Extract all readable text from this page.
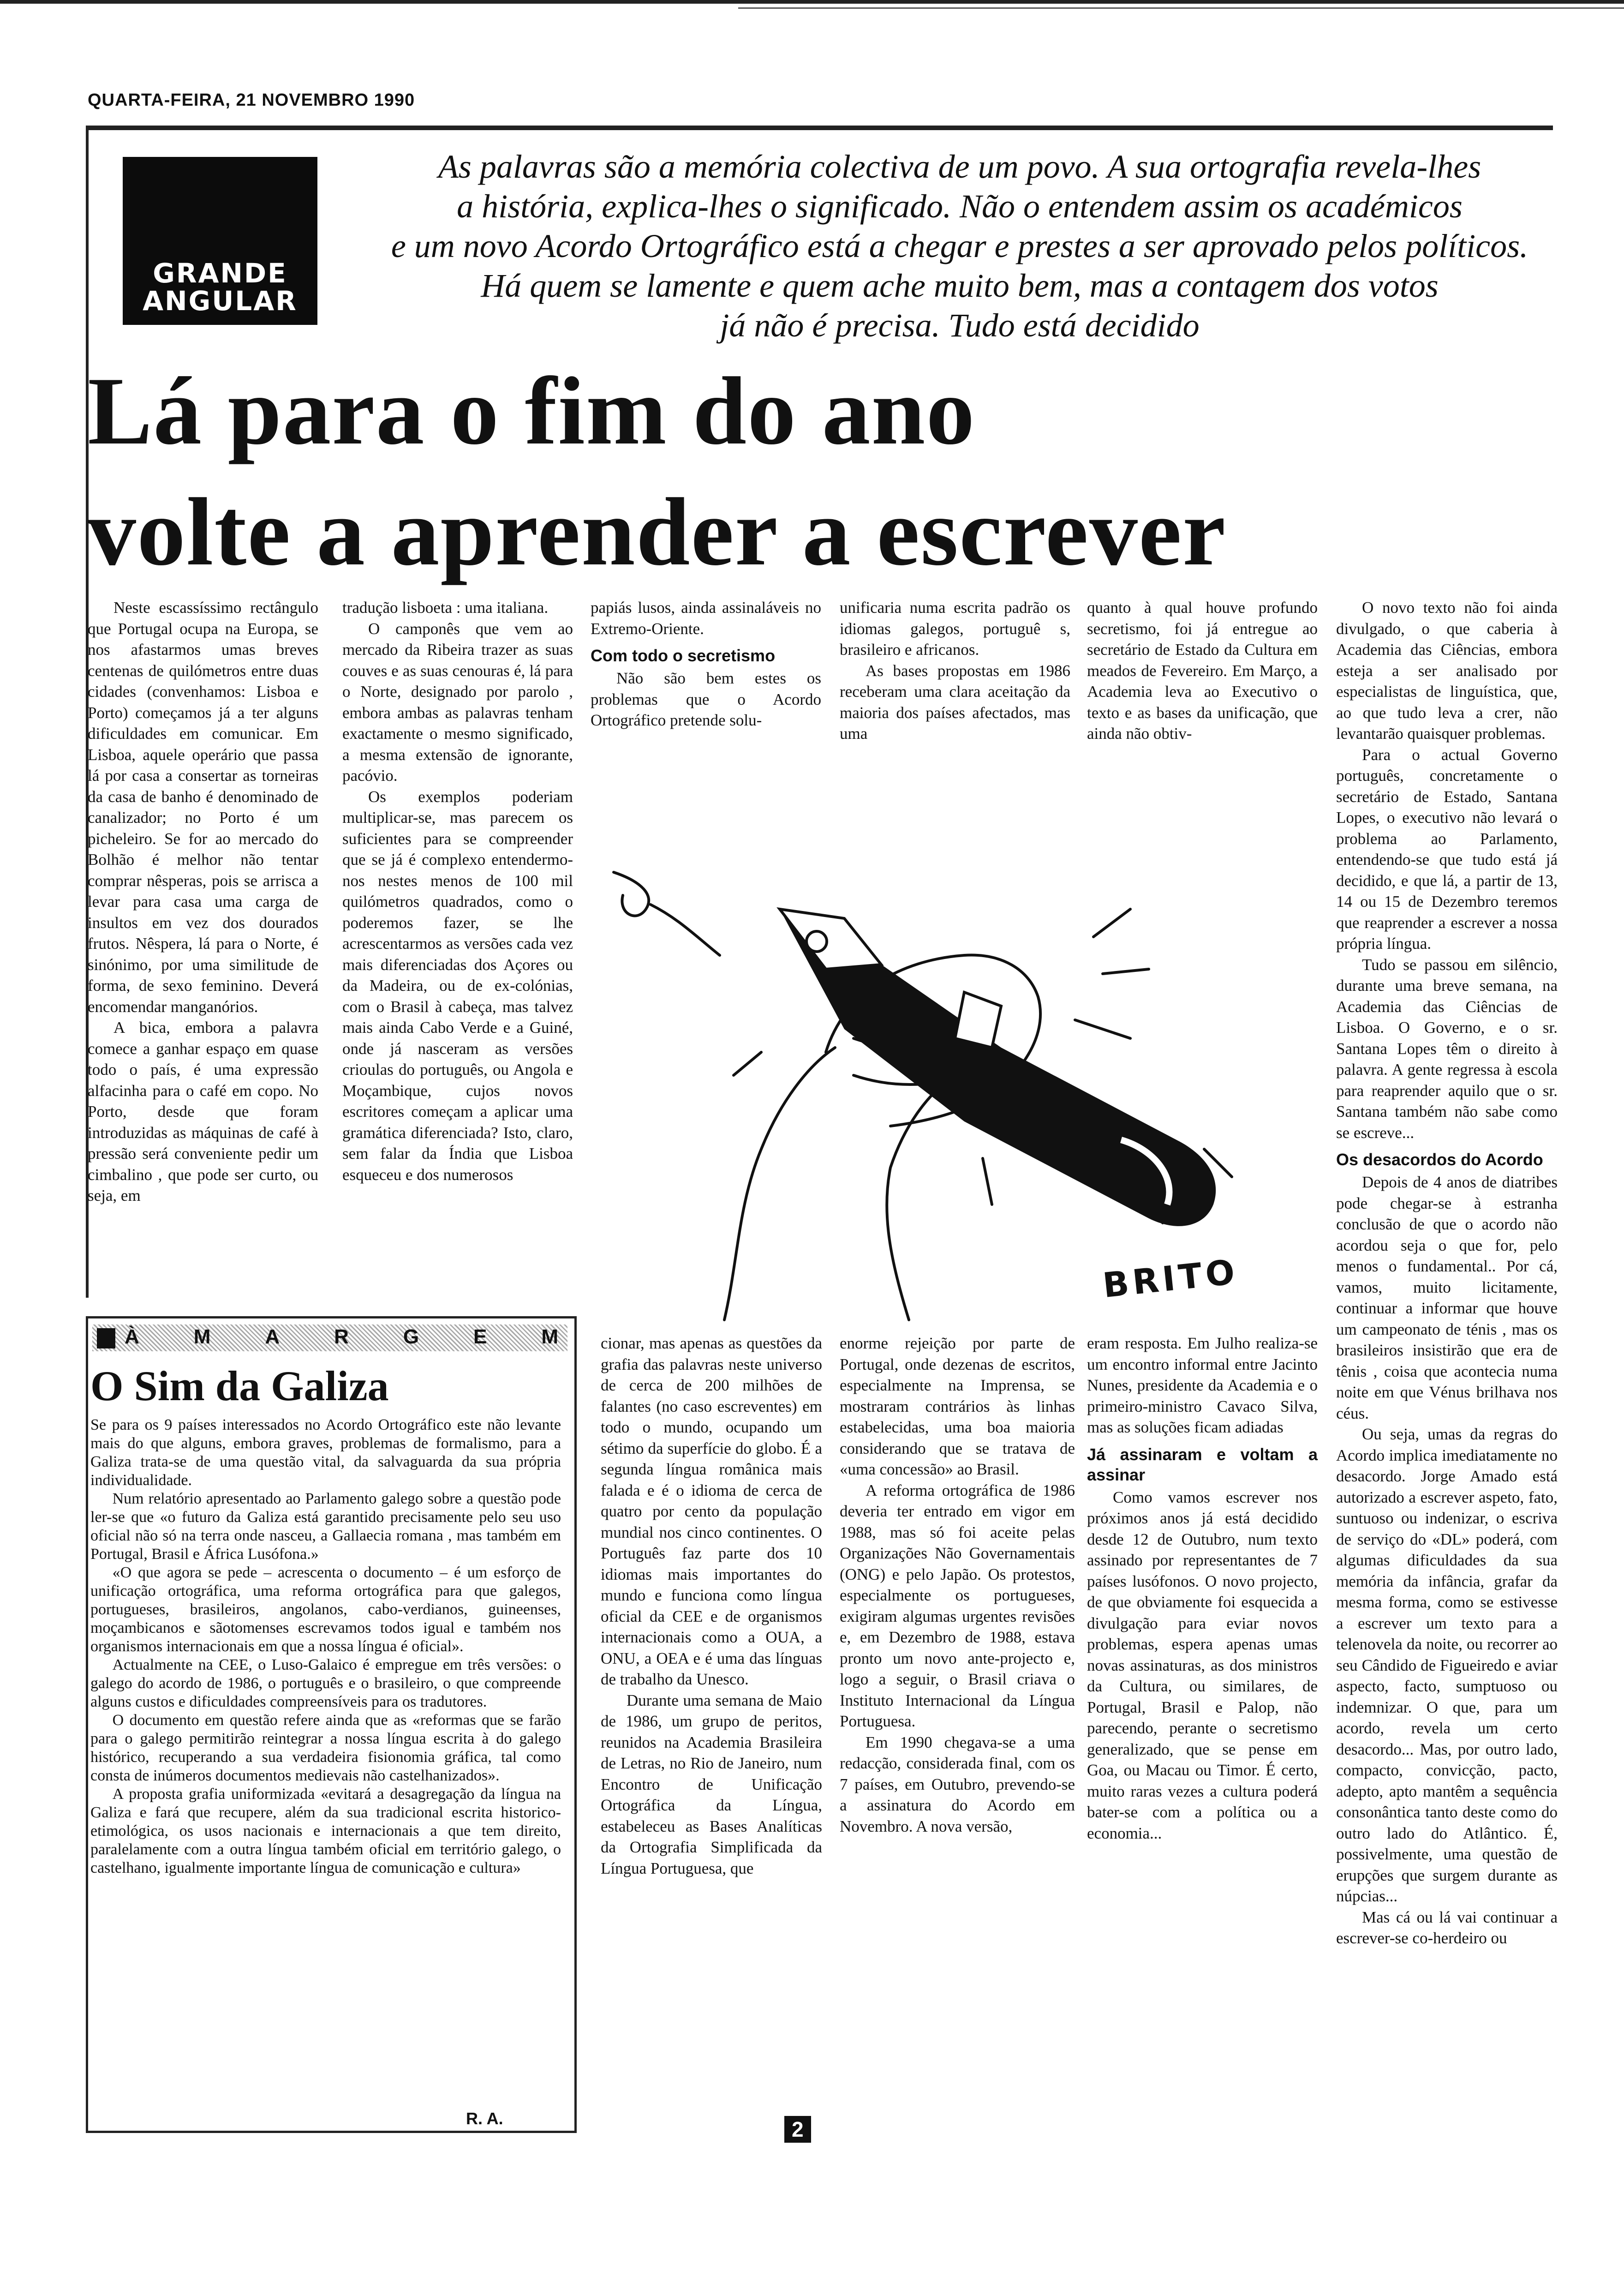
QUARTA-FEIRA, 21 NOVEMBRO 1990
GRANDE
ANGULAR
As palavras são a memória colectiva de um povo. A sua ortografia revela-lhes
a história, explica-lhes o significado. Não o entendem assim os académicos
e um novo Acordo Ortográfico está a chegar e prestes a ser aprovado pelos políticos.
Há quem se lamente e quem ache muito bem, mas a contagem dos votos
já não é precisa. Tudo está decidido
Lá para o fim do ano
volte a aprender a escrever

Neste escassíssimo rectângulo que Portugal ocupa na Europa, se nos afastarmos umas breves centenas de quilómetros entre duas cidades (convenhamos: Lisboa e Porto) começamos já a ter alguns dificuldades em comunicar. Em Lisboa, aquele operário que passa lá por casa a consertar as torneiras da casa de banho é denominado de canalizador; no Porto é um picheleiro. Se for ao mercado do Bolhão é melhor não tentar comprar nêsperas, pois se arrisca a levar para casa uma carga de insultos em vez dos dourados frutos. Nêspera, lá para o Norte, é sinónimo, por uma similitude de forma, de sexo feminino. Deverá encomendar manganórios.

A bica, embora a palavra comece a ganhar espaço em quase todo o país, é uma expressão alfacinha para o café em copo. No Porto, desde que foram introduzidas as máquinas de café à pressão será conveniente pedir um cimbalino , que pode ser curto, ou seja, em

tradução lisboeta : uma italiana.

O camponês que vem ao mercado da Ribeira trazer as suas couves e as suas cenouras é, lá para o Norte, designado por parolo , embora ambas as palavras tenham exactamente o mesmo significado, a mesma extensão de ignorante, pacóvio.

Os exemplos poderiam multiplicar-se, mas parecem os suficientes para se compreender que se já é complexo entendermo-nos nestes menos de 100 mil quilómetros quadrados, como o poderemos fazer, se lhe acrescentarmos as versões cada vez mais diferenciadas dos Açores ou da Madeira, ou de ex-colónias, com o Brasil à cabeça, mas talvez mais ainda Cabo Verde e a Guiné, onde já nasceram as versões crioulas do português, ou Angola e Moçambique, cujos novos escritores começam a aplicar uma gramática diferenciada? Isto, claro, sem falar da Índia que Lisboa esqueceu e dos numerosos

papiás lusos, ainda assinaláveis no Extremo-Oriente.

Com todo o secretismo

Não são bem estes os problemas que o Acordo Ortográfico pretende solu-

unificaria numa escrita padrão os idiomas galegos, portuguê s, brasileiro e africanos.

As bases propostas em 1986 receberam uma clara aceitação da maioria dos países afectados, mas uma

quanto à qual houve profundo secretismo, foi já entregue ao secretário de Estado da Cultura em meados de Fevereiro. Em Março, a Academia leva ao Executivo o texto e as bases da unificação, que ainda não obtiv-

O novo texto não foi ainda divulgado, o que caberia à Academia das Ciências, embora esteja a ser analisado por especialistas de linguística, que, ao que tudo leva a crer, não levantarão quaisquer problemas.

Para o actual Governo português, concretamente o secretário de Estado, Santana Lopes, o executivo não levará o problema ao Parlamento, entendendo-se que tudo está já decidido, e que lá, a partir de 13, 14 ou 15 de Dezembro teremos que reaprender a escrever a nossa própria língua.

Tudo se passou em silêncio, durante uma breve semana, na Academia das Ciências de Lisboa. O Governo, e o sr. Santana Lopes têm o direito à palavra. A gente regressa à escola para reaprender aquilo que o sr. Santana também não sabe como se escreve...

Os desacordos do Acordo

Depois de 4 anos de diatribes pode chegar-se à estranha conclusão de que o acordo não acordou seja o que for, pelo menos o fundamental.. Por cá, vamos, muito licitamente, continuar a informar que houve um campeonato de ténis , mas os brasileiros insistirão que era de tênis , coisa que acontecia numa noite em que Vénus brilhava nos céus.

Ou seja, umas da regras do Acordo implica imediatamente no desacordo. Jorge Amado está autorizado a escrever aspeto, fato, suntuoso ou indenizar, o escriva de serviço do «DL» poderá, com algumas dificuldades da sua memória da infância, grafar da mesma forma, como se estivesse a escrever um texto para a telenovela da noite, ou recorrer ao seu Cândido de Figueiredo e aviar aspecto, facto, sumptuoso ou indemnizar. O que, para um acordo, revela um certo desacordo... Mas, por outro lado, compacto, convicção, pacto, adepto, apto mantêm a sequência consonântica tanto deste como do outro lado do Atlântico. É, possivelmente, uma questão de erupções que surgem durante as núpcias...

Mas cá ou lá vai continuar a escrever-se co-herdeiro ou

BRITO

cionar, mas apenas as questões da grafia das palavras neste universo de cerca de 200 milhões de falantes (no caso escreventes) em todo o mundo, ocupando um sétimo da superfície do globo. É a segunda língua românica mais falada e é o idioma de cerca de quatro por cento da população mundial nos cinco continentes. O Português faz parte dos 10 idiomas mais importantes do mundo e funciona como língua oficial da CEE e de organismos internacionais como a OUA, a ONU, a OEA e é uma das línguas de trabalho da Unesco.

Durante uma semana de Maio de 1986, um grupo de peritos, reunidos na Academia Brasileira de Letras, no Rio de Janeiro, num Encontro de Unificação Ortográfica da Língua, estabeleceu as Bases Analíticas da Ortografia Simplificada da Língua Portuguesa, que

enorme rejeição por parte de Portugal, onde dezenas de escritos, especialmente na Imprensa, se mostraram contrários às linhas estabelecidas, uma boa maioria considerando que se tratava de «uma concessão» ao Brasil.

A reforma ortográfica de 1986 deveria ter entrado em vigor em 1988, mas só foi aceite pelas Organizações Não Governamentais (ONG) e pelo Japão. Os protestos, especialmente os portugueses, exigiram algumas urgentes revisões e, em Dezembro de 1988, estava pronto um novo ante-projecto e, logo a seguir, o Brasil criava o Instituto Internacional da Língua Portuguesa.

Em 1990 chegava-se a uma redacção, considerada final, com os 7 países, em Outubro, prevendo-se a assinatura do Acordo em Novembro. A nova versão,

eram resposta. Em Julho realiza-se um encontro informal entre Jacinto Nunes, presidente da Academia e o primeiro-ministro Cavaco Silva, mas as soluções ficam adiadas

Já assinaram e voltam a assinar

Como vamos escrever nos próximos anos já está decidido desde 12 de Outubro, num texto assinado por representantes de 7 países lusófonos. O novo projecto, de que obviamente foi esquecida a divulgação para eviar novos problemas, espera apenas umas novas assinaturas, as dos ministros da Cultura, ou similares, de Portugal, Brasil e Palop, não parecendo, perante o secretismo generalizado, que se pense em Goa, ou Macau ou Timor. É certo, muito raras vezes a cultura poderá bater-se com a política ou a economia...

À	M	A	R	G	E	M
O Sim da Galiza

Se para os 9 países interessados no Acordo Ortográfico este não levante mais do que alguns, embora graves, problemas de formalismo, para a Galiza trata-se de uma questão vital, da salvaguarda da sua própria individualidade.

Num relatório apresentado ao Parlamento galego sobre a questão pode ler-se que «o futuro da Galiza está garantido precisamente pelo seu uso oficial não só na terra onde nasceu, a Gallaecia romana , mas também em Portugal, Brasil e África Lusófona.»

«O que agora se pede – acrescenta o documento – é um esforço de unificação ortográfica, uma reforma ortográfica para que galegos, portugueses, brasileiros, angolanos, cabo-verdianos, guineenses, moçambicanos e sãotomenses escrevamos todos igual e também nos organismos internacionais em que a nossa língua é oficial».

Actualmente na CEE, o Luso-Galaico é empregue em três versões: o galego do acordo de 1986, o português e o brasileiro, o que compreende alguns custos e dificuldades compreensíveis para os tradutores.

O documento em questão refere ainda que as «reformas que se farão para o galego permitirão reintegrar a nossa língua escrita à do galego histórico, recuperando a sua verdadeira fisionomia gráfica, tal como consta de inúmeros documentos medievais não castelhanizados».

A proposta grafia uniformizada «evitará a desagregação da língua na Galiza e fará que recupere, além da sua tradicional escrita historico-etimológica, os usos nacionais e internacionais a que tem direito, paralelamente com a outra língua também oficial em território galego, o castelhano, igualmente importante língua de comunicação e cultura»

R. A.	2
